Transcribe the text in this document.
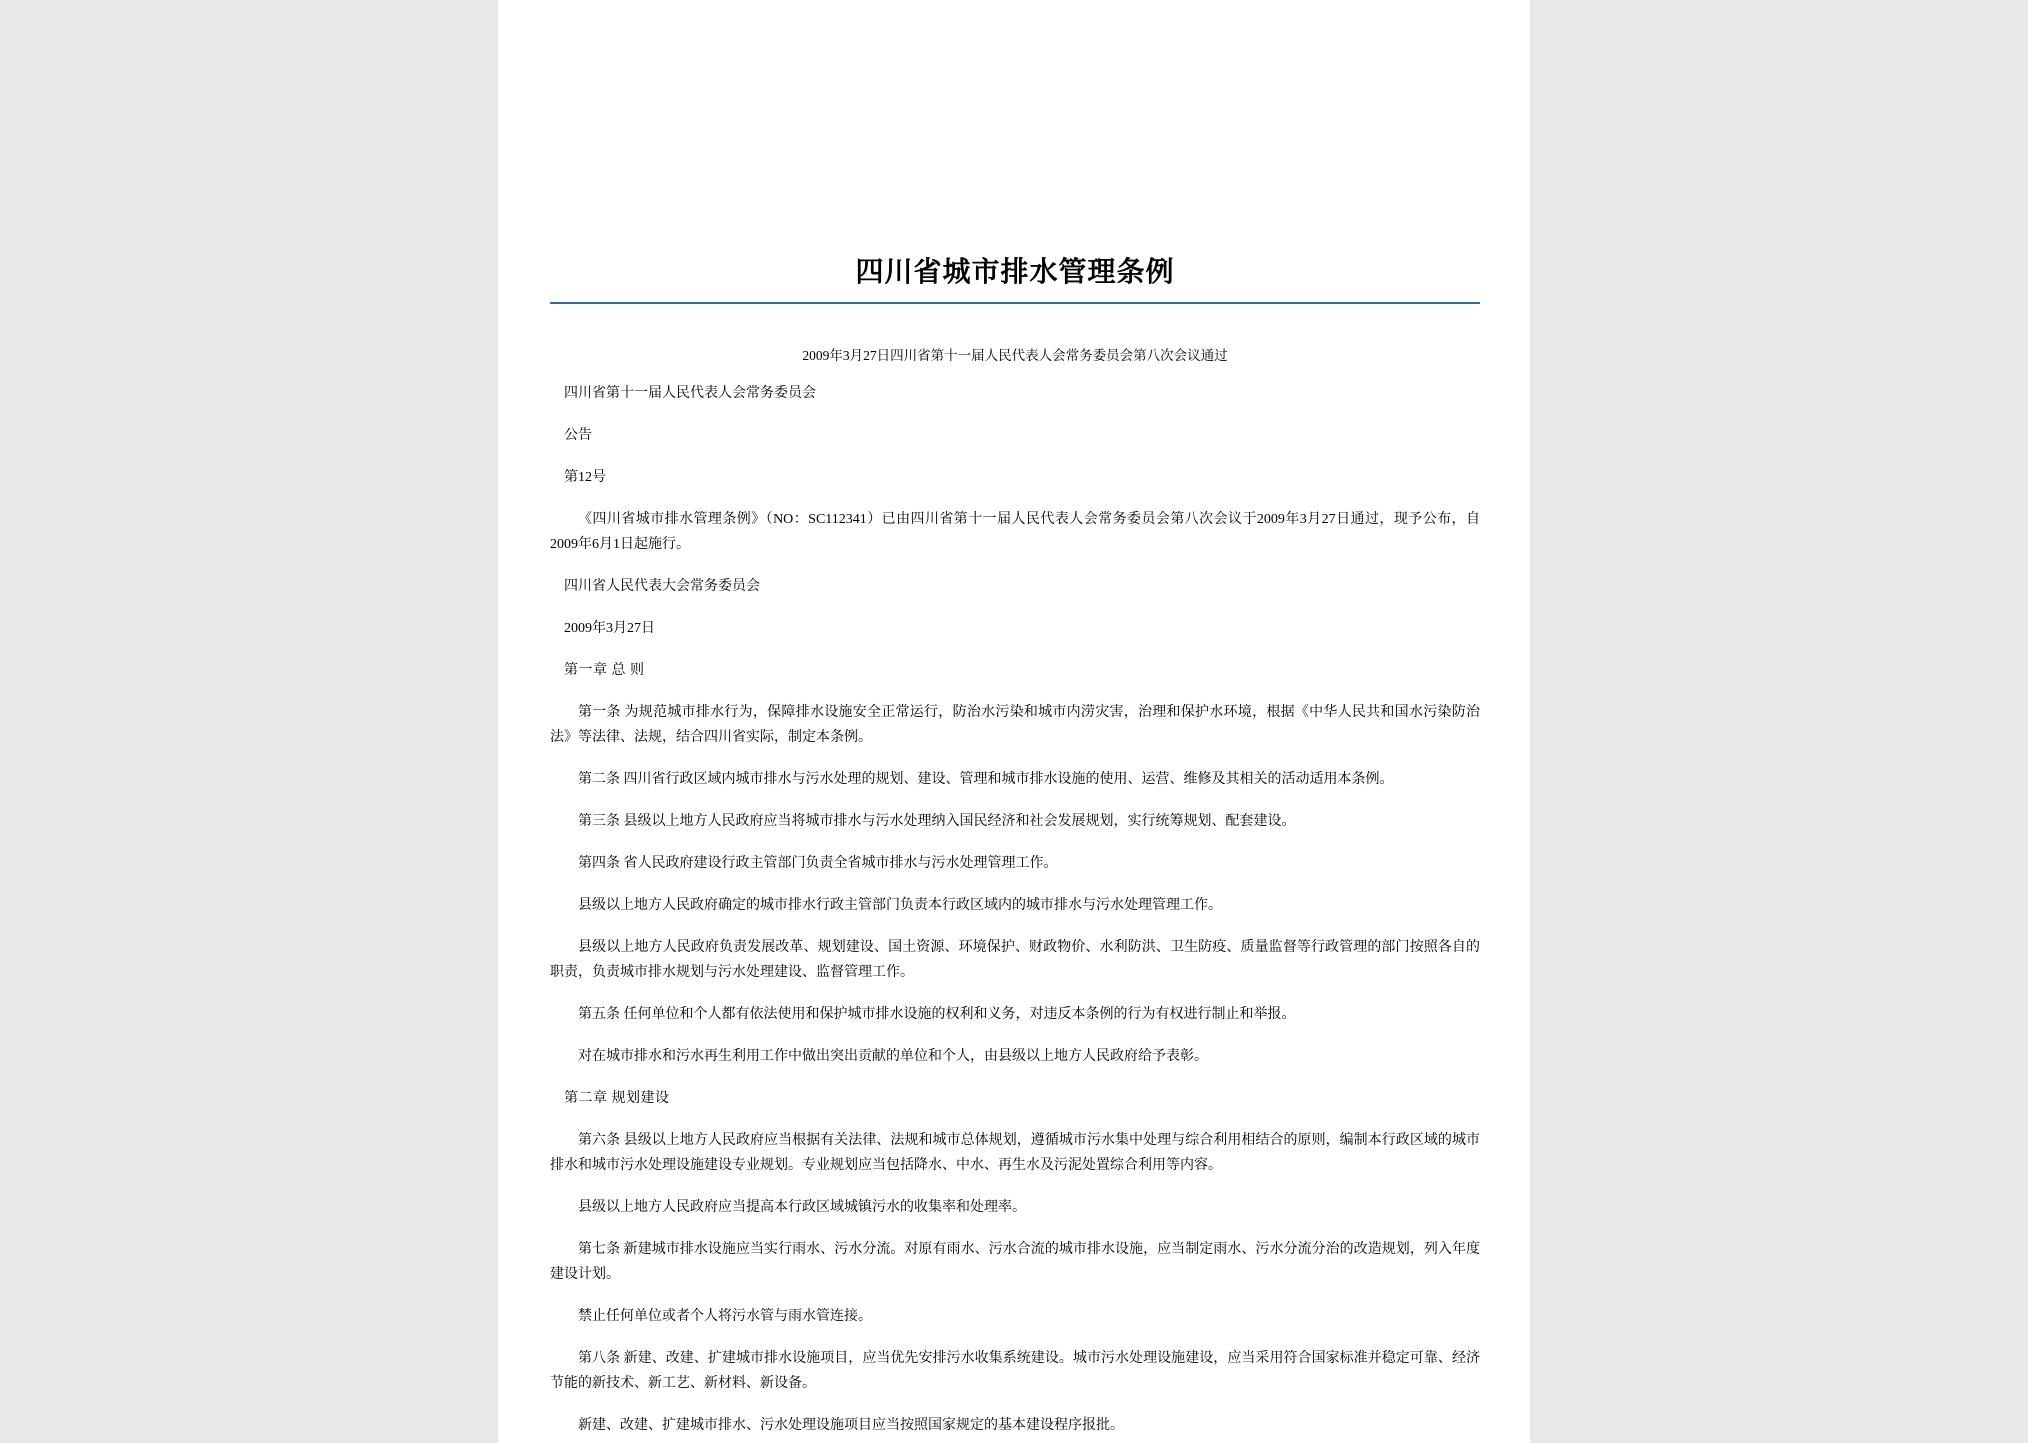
四川省城市排水管理条例
2009年3月27日四川省第十一届人民代表人会常务委员会第八次会议通过

四川省第十一届人民代表人会常务委员会

公告

第12号

《四川省城市排水管理条例》（NO：SC112341）已由四川省第十一届人民代表人会常务委员会第八次会议于2009年3月27日通过，现予公布，自2009年6月1日起施行。

四川省人民代表大会常务委员会

2009年3月27日

第一章 总 则

第一条 为规范城市排水行为，保障排水设施安全正常运行，防治水污染和城市内涝灾害，治理和保护水环境，根据《中华人民共和国水污染防治法》等法律、法规，结合四川省实际，制定本条例。

第二条 四川省行政区域内城市排水与污水处理的规划、建设、管理和城市排水设施的使用、运营、维修及其相关的活动适用本条例。

第三条 县级以上地方人民政府应当将城市排水与污水处理纳入国民经济和社会发展规划，实行统筹规划、配套建设。

第四条 省人民政府建设行政主管部门负责全省城市排水与污水处理管理工作。

县级以上地方人民政府确定的城市排水行政主管部门负责本行政区域内的城市排水与污水处理管理工作。

县级以上地方人民政府负责发展改革、规划建设、国土资源、环境保护、财政物价、水利防洪、卫生防疫、质量监督等行政管理的部门按照各自的职责，负责城市排水规划与污水处理建设、监督管理工作。

第五条 任何单位和个人都有依法使用和保护城市排水设施的权利和义务，对违反本条例的行为有权进行制止和举报。

对在城市排水和污水再生利用工作中做出突出贡献的单位和个人，由县级以上地方人民政府给予表彰。

第二章 规划建设

第六条 县级以上地方人民政府应当根据有关法律、法规和城市总体规划，遵循城市污水集中处理与综合利用相结合的原则，编制本行政区域的城市排水和城市污水处理设施建设专业规划。专业规划应当包括降水、中水、再生水及污泥处置综合利用等内容。

县级以上地方人民政府应当提高本行政区域城镇污水的收集率和处理率。

第七条 新建城市排水设施应当实行雨水、污水分流。对原有雨水、污水合流的城市排水设施，应当制定雨水、污水分流分治的改造规划，列入年度建设计划。

禁止任何单位或者个人将污水管与雨水管连接。

第八条 新建、改建、扩建城市排水设施项目，应当优先安排污水收集系统建设。城市污水处理设施建设，应当采用符合国家标准并稳定可靠、经济节能的新技术、新工艺、新材料、新设备。

新建、改建、扩建城市排水、污水处理设施项目应当按照国家规定的基本建设程序报批。
